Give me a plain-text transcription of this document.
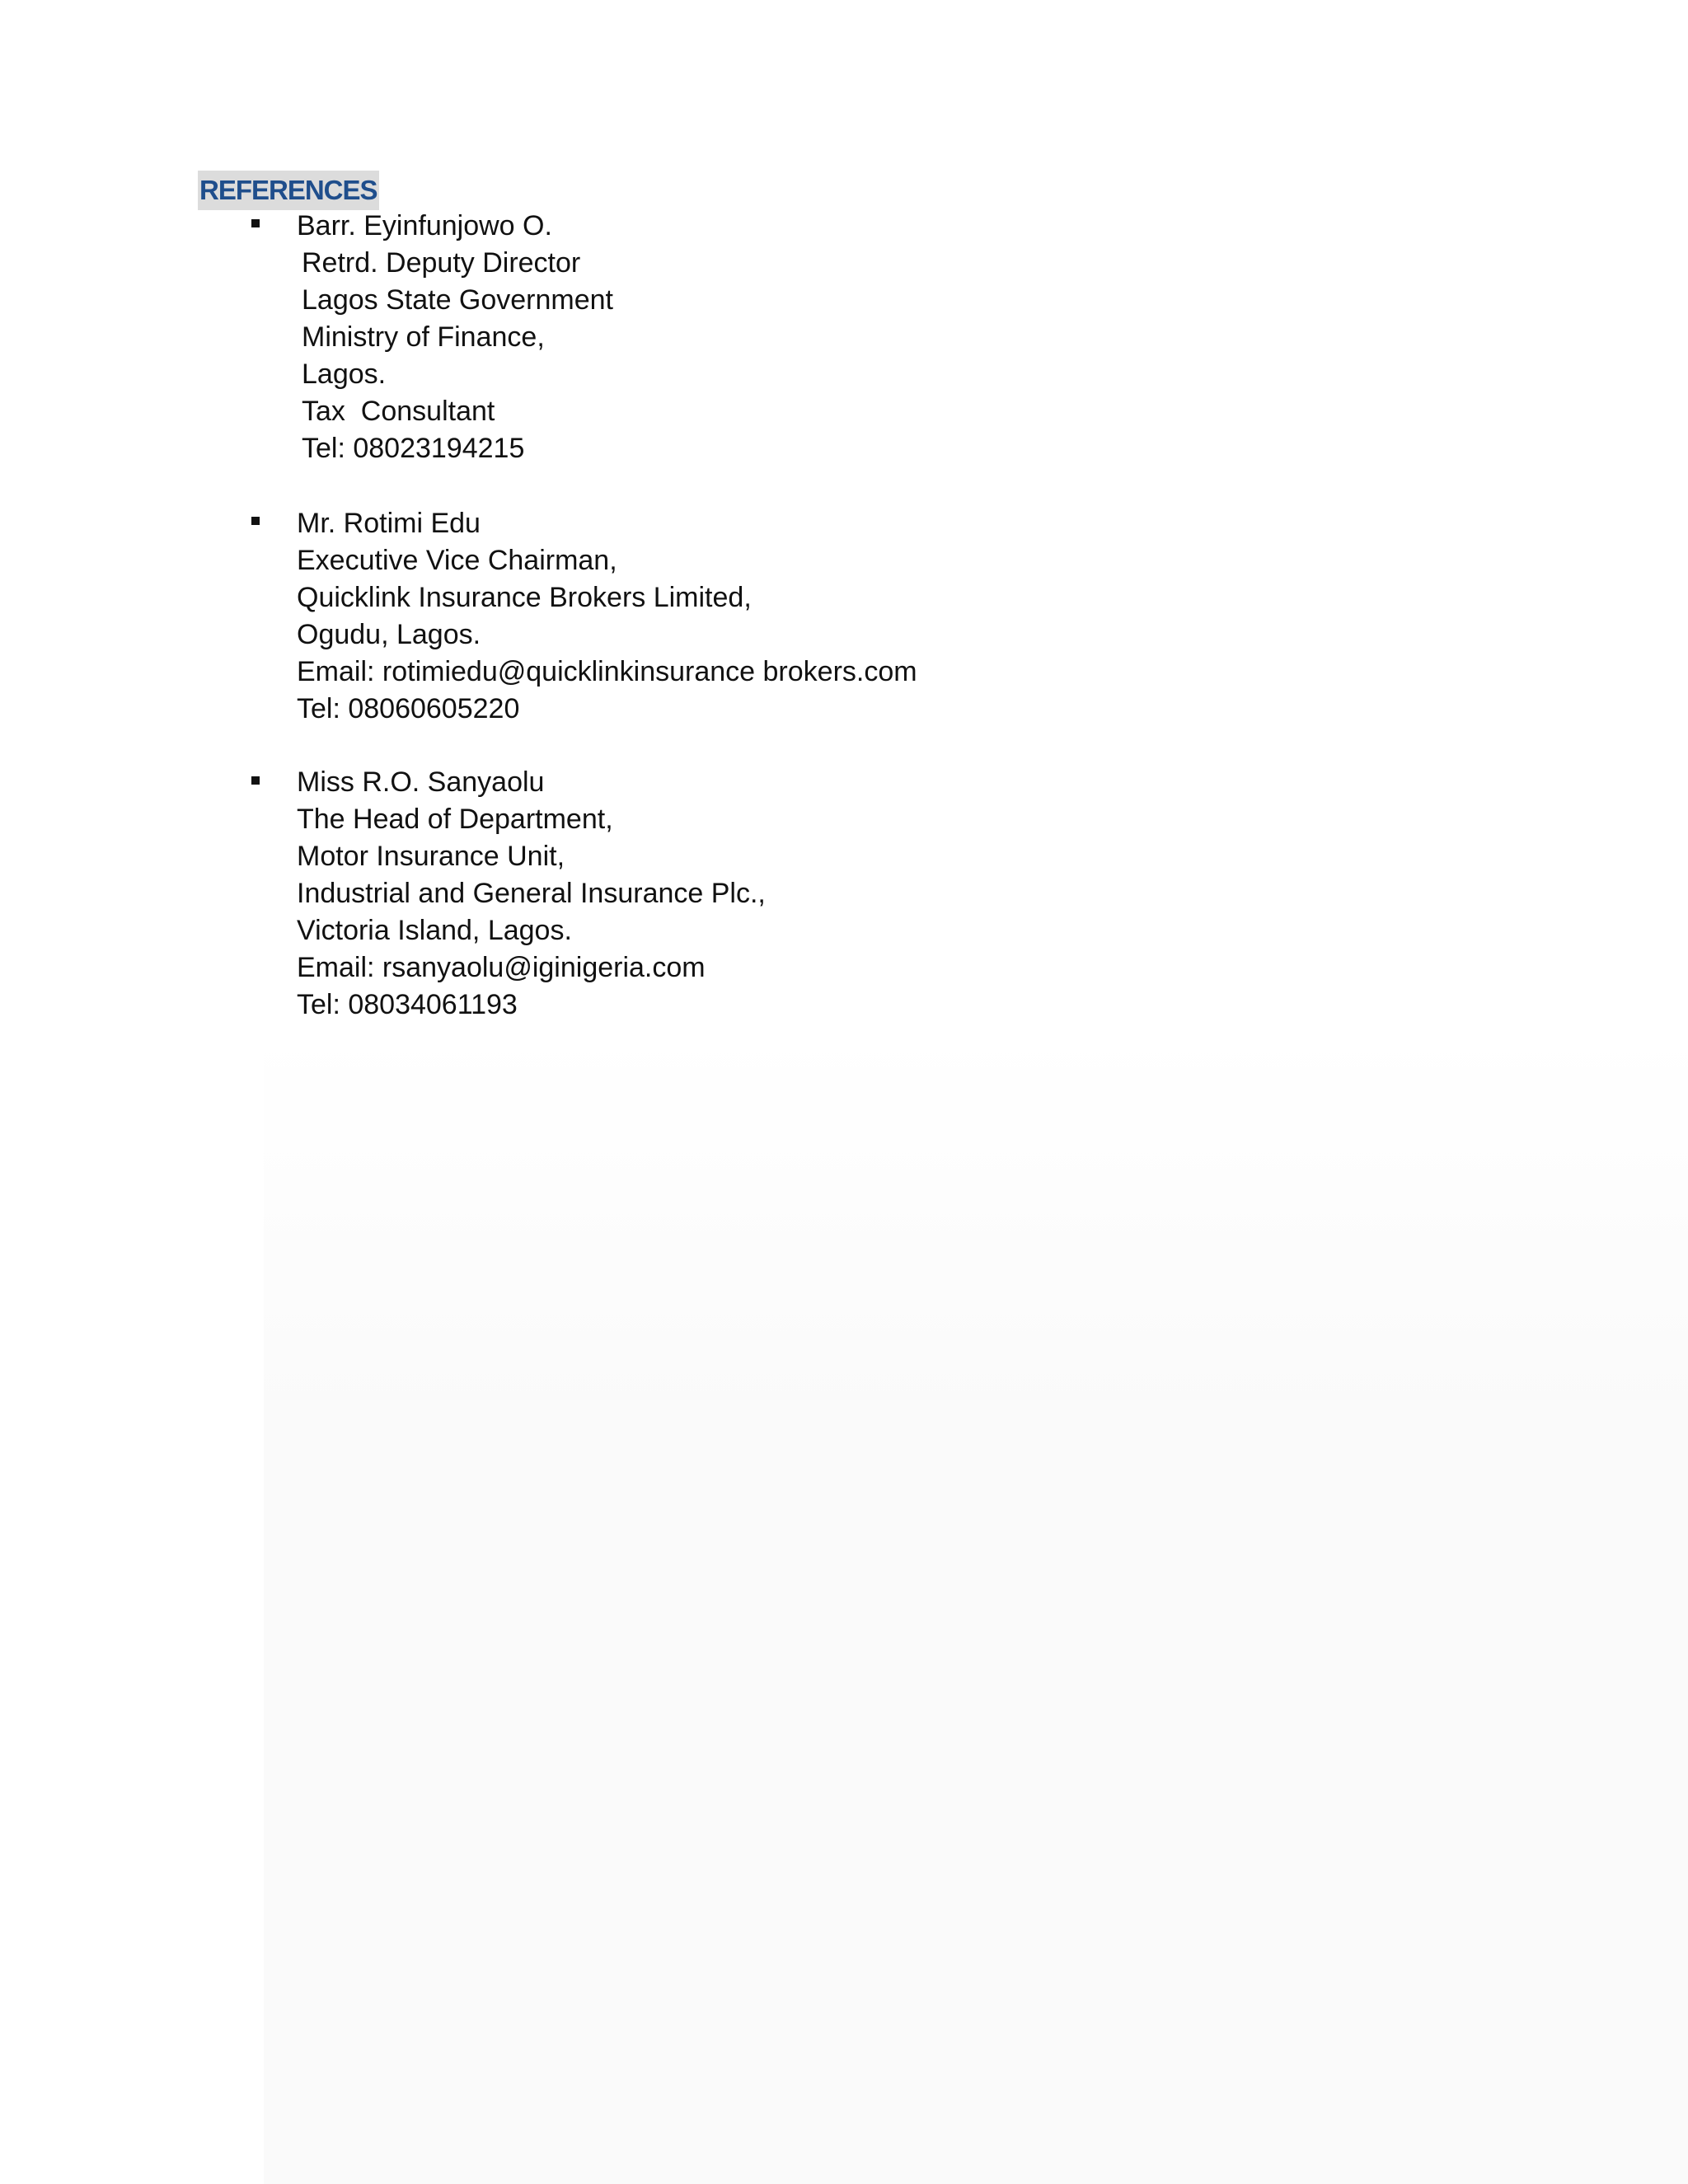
REFERENCES
Barr. Eyinfunjowo O.
Retrd. Deputy Director
Lagos State Government
Ministry of Finance,
Lagos.
Tax  Consultant
Tel: 08023194215
Mr. Rotimi Edu
Executive Vice Chairman,
Quicklink Insurance Brokers Limited,
Ogudu, Lagos.
Email: rotimiedu@quicklinkinsurance brokers.com
Tel: 08060605220
Miss R.O. Sanyaolu
The Head of Department,
Motor Insurance Unit,
Industrial and General Insurance Plc.,
Victoria Island, Lagos.
Email: rsanyaolu@iginigeria.com
Tel: 08034061193
